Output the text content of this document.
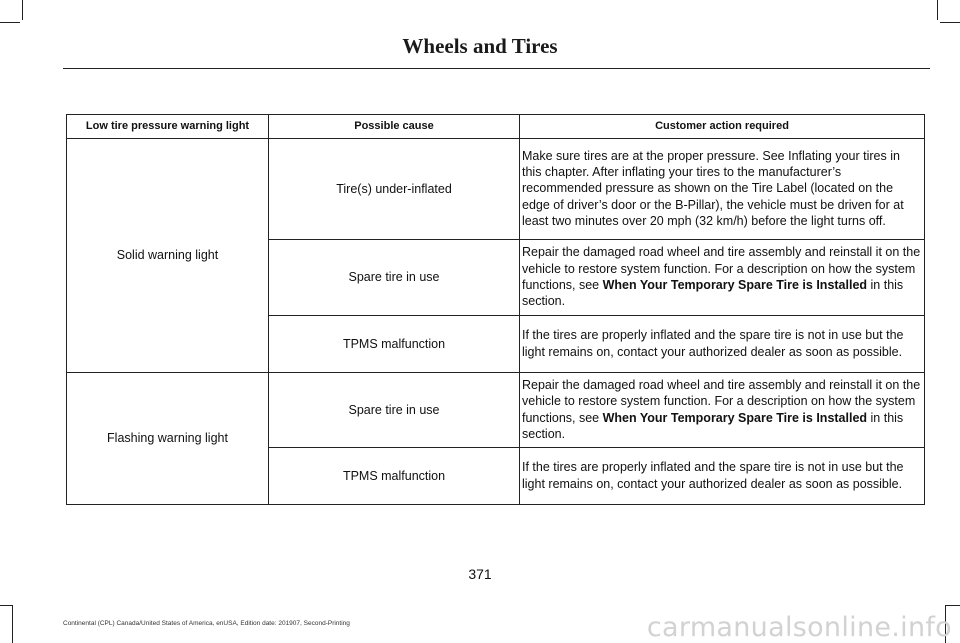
Wheels and Tires
Low tire pressure warning light	Possible cause	Customer action required
Solid warning light	Tire(s) under-inflated	Make sure tires are at the proper pressure. See Inflating your tires in this chapter. After inflating your tires to the manufacturer’s recommended pressure as shown on the Tire Label (located on the edge of driver’s door or the B-Pillar), the vehicle must be driven for at least two minutes over 20 mph (32 km/h) before the light turns off.

	Spare tire in use	Repair the damaged road wheel and tire assembly and reinstall it on the vehicle to restore system function. For a description on how the system functions, see When Your Temporary Spare Tire is Installed in this section.

	TPMS malfunction	If the tires are properly inflated and the spare tire is not in use but the light remains on, contact your authorized dealer as soon as possible.

Flashing warning light	Spare tire in use	Repair the damaged road wheel and tire assembly and reinstall it on the vehicle to restore system function. For a description on how the system functions, see When Your Temporary Spare Tire is Installed in this section.

	TPMS malfunction	If the tires are properly inflated and the spare tire is not in use but the light remains on, contact your authorized dealer as soon as possible.
371
Continental (CPL) Canada/United States of America, enUSA, Edition date: 201907, Second-Printing	carmanualsonline.info
